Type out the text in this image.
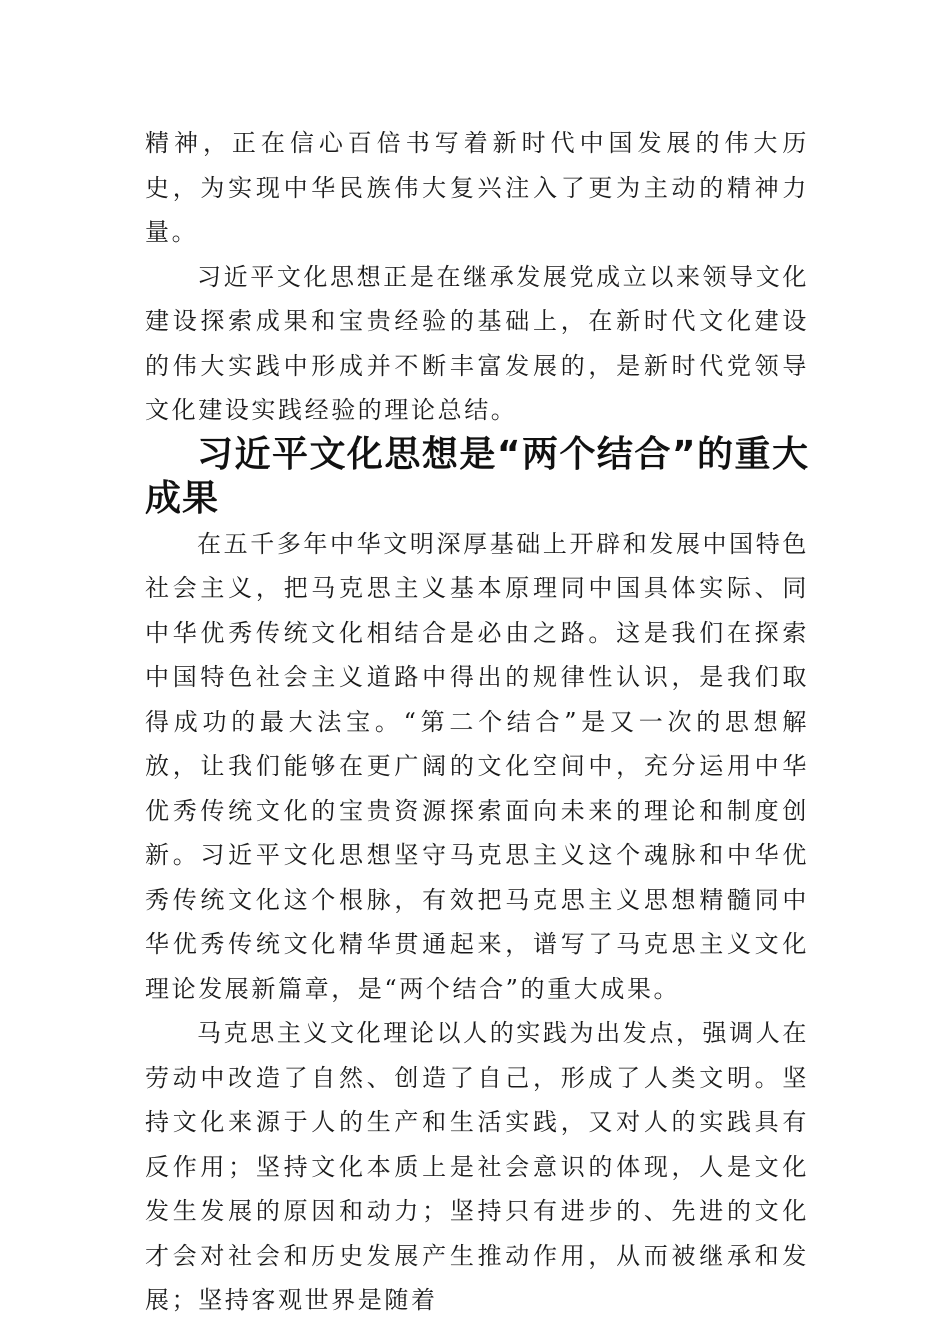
精神，正在信心百倍书写着新时代中国发展的伟大历史，为实现中华民族伟大复兴注入了更为主动的精神力量。

习近平文化思想正是在继承发展党成立以来领导文化建设探索成果和宝贵经验的基础上，在新时代文化建设的伟大实践中形成并不断丰富发展的，是新时代党领导文化建设实践经验的理论总结。

习近平文化思想是“两个结合”的重大成果

在五千多年中华文明深厚基础上开辟和发展中国特色社会主义，把马克思主义基本原理同中国具体实际、同中华优秀传统文化相结合是必由之路。这是我们在探索中国特色社会主义道路中得出的规律性认识，是我们取得成功的最大法宝。“第二个结合”是又一次的思想解放，让我们能够在更广阔的文化空间中，充分运用中华优秀传统文化的宝贵资源探索面向未来的理论和制度创新。习近平文化思想坚守马克思主义这个魂脉和中华优秀传统文化这个根脉，有效把马克思主义思想精髓同中华优秀传统文化精华贯通起来，谱写了马克思主义文化理论发展新篇章，是“两个结合”的重大成果。

马克思主义文化理论以人的实践为出发点，强调人在劳动中改造了自然、创造了自己，形成了人类文明。坚持文化来源于人的生产和生活实践，又对人的实践具有反作用；坚持文化本质上是社会意识的体现，人是文化发生发展的原因和动力；坚持只有进步的、先进的文化才会对社会和历史发展产生推动作用，从而被继承和发展；坚持客观世界是随着
